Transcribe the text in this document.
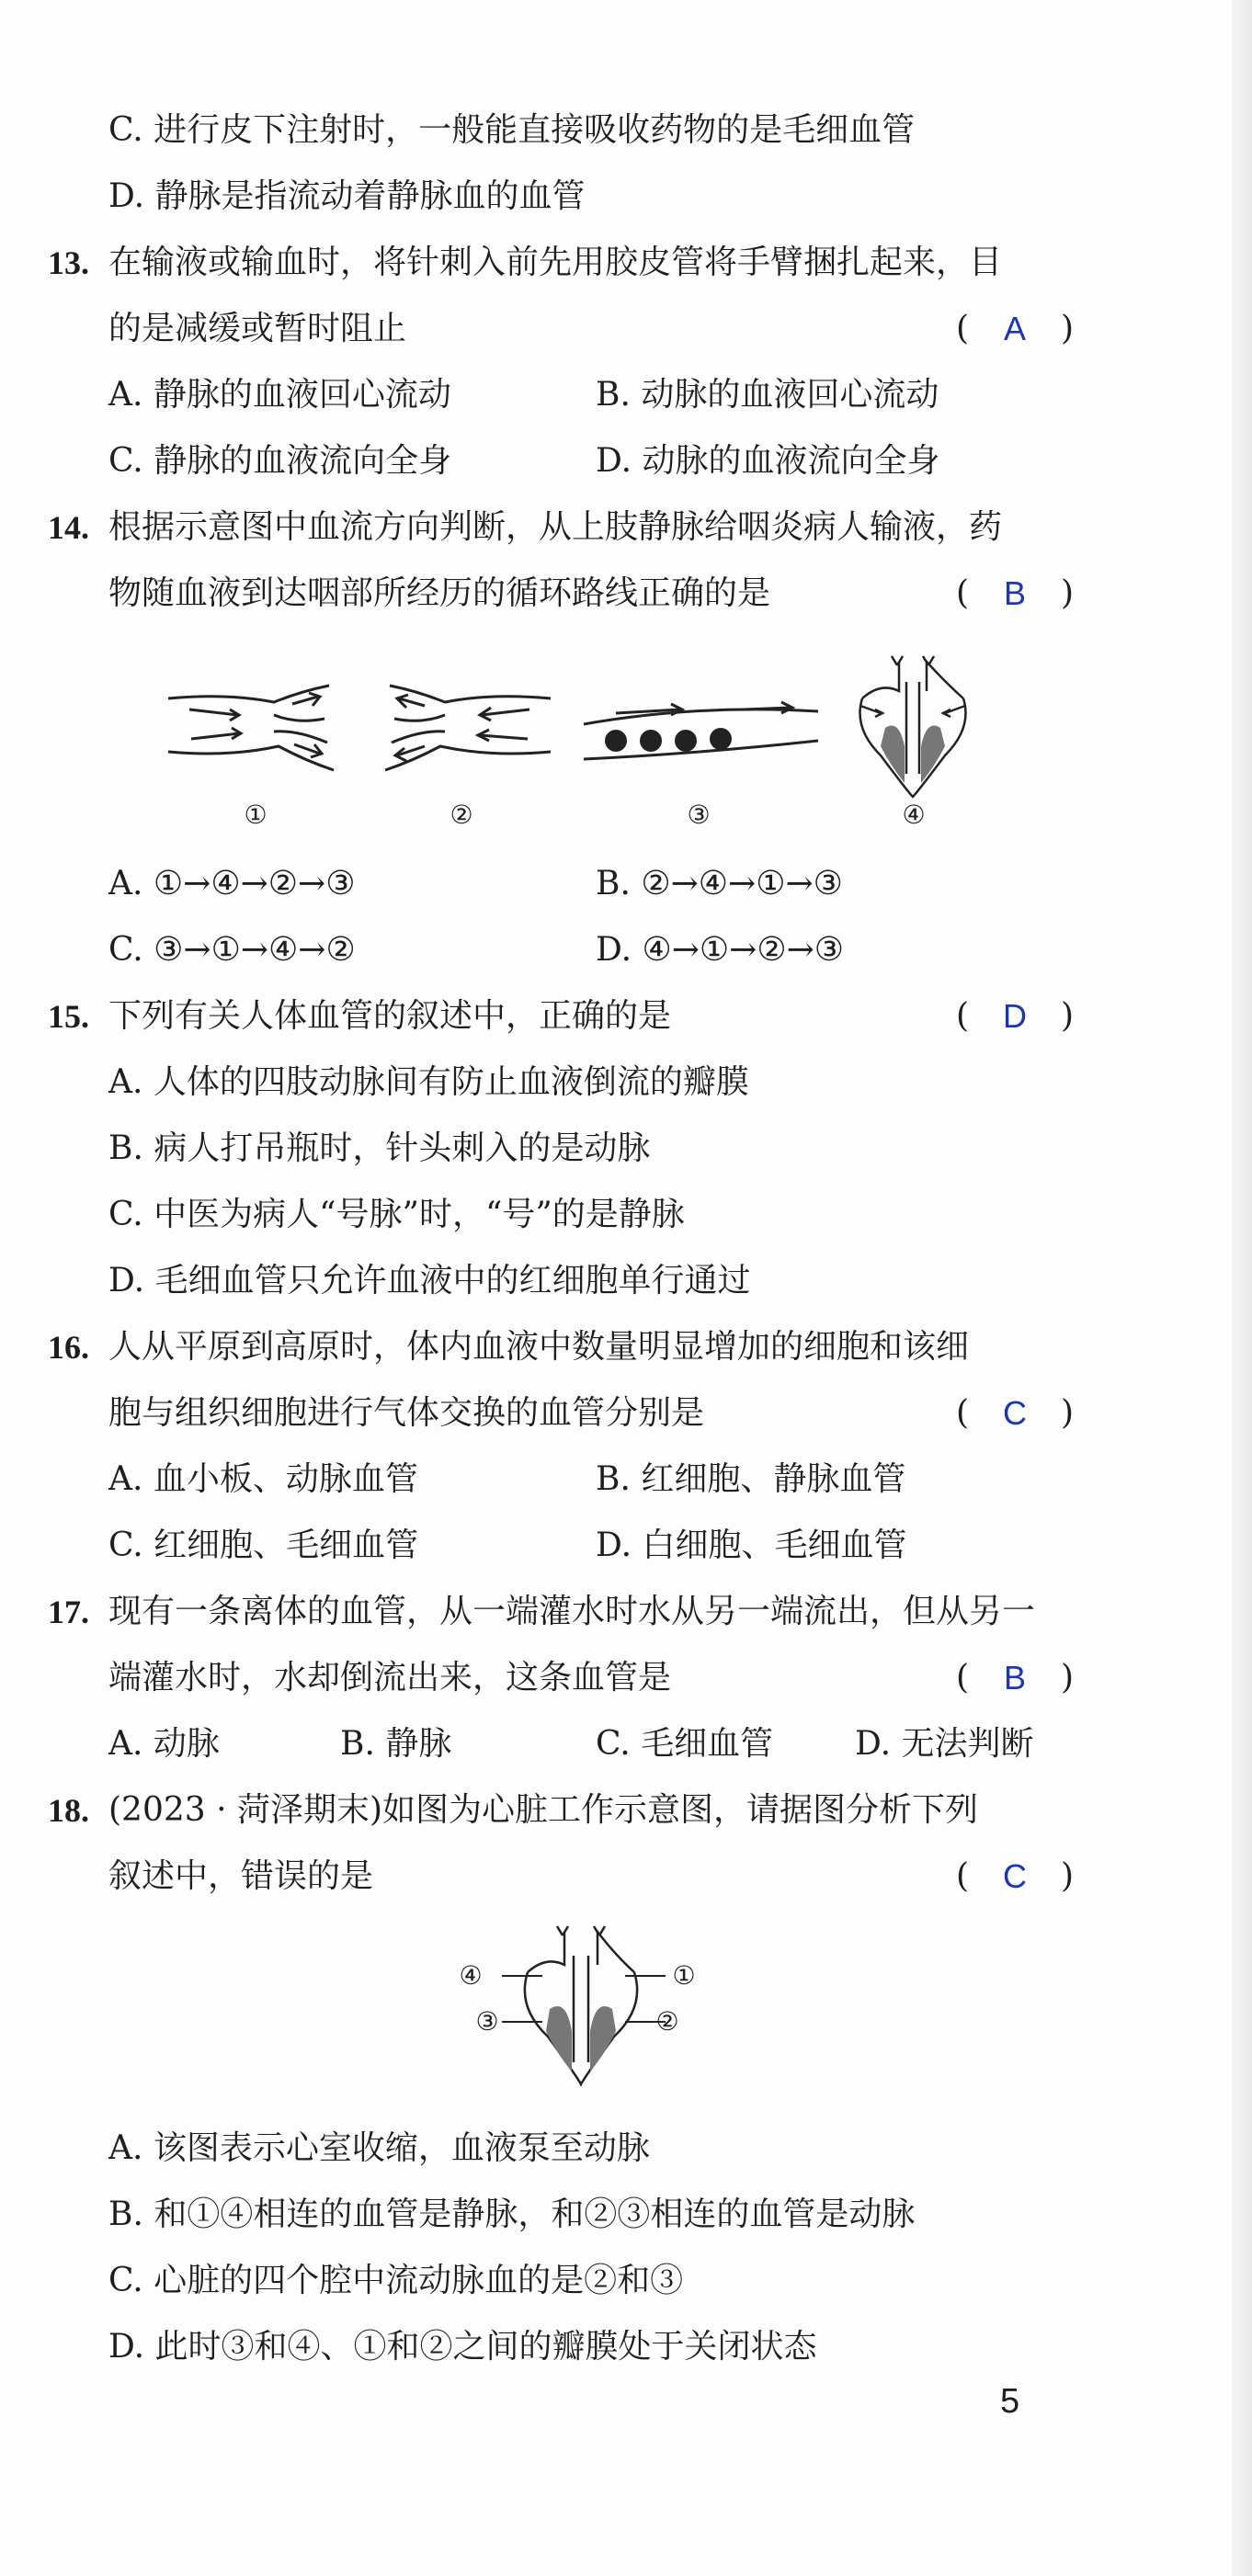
C. 进行皮下注射时，一般能直接吸收药物的是毛细血管
D. 静脉是指流动着静脉血的血管
13. 在输液或输血时，将针刺入前先用胶皮管将手臂捆扎起来，目
的是减缓或暂时阻止	( A )
A. 静脉的血液回心流动	B. 动脉的血液回心流动
C. 静脉的血液流向全身	D. 动脉的血液流向全身
14. 根据示意图中血流方向判断，从上肢静脉给咽炎病人输液，药
物随血液到达咽部所经历的循环路线正确的是	( B )
①	②	③	④
A. ①→④→②→③	B. ②→④→①→③
C. ③→①→④→②	D. ④→①→②→③
15. 下列有关人体血管的叙述中，正确的是	( D )
A. 人体的四肢动脉间有防止血液倒流的瓣膜
B. 病人打吊瓶时，针头刺入的是动脉
C. 中医为病人“号脉”时，“号”的是静脉
D. 毛细血管只允许血液中的红细胞单行通过
16. 人从平原到高原时，体内血液中数量明显增加的细胞和该细
胞与组织细胞进行气体交换的血管分别是	( C )
A. 血小板、动脉血管	B. 红细胞、静脉血管
C. 红细胞、毛细血管	D. 白细胞、毛细血管
17. 现有一条离体的血管，从一端灌水时水从另一端流出，但从另一
端灌水时，水却倒流出来，这条血管是	( B )
A. 动脉	B. 静脉	C. 毛细血管 D. 无法判断
18. (2023 · 菏泽期末)如图为心脏工作示意图，请据图分析下列
叙述中，错误的是	( C )
④	①
③	②
A. 该图表示心室收缩，血液泵至动脉
B. 和①④相连的血管是静脉，和②③相连的血管是动脉
C. 心脏的四个腔中流动脉血的是②和③
D. 此时③和④、①和②之间的瓣膜处于关闭状态
5
